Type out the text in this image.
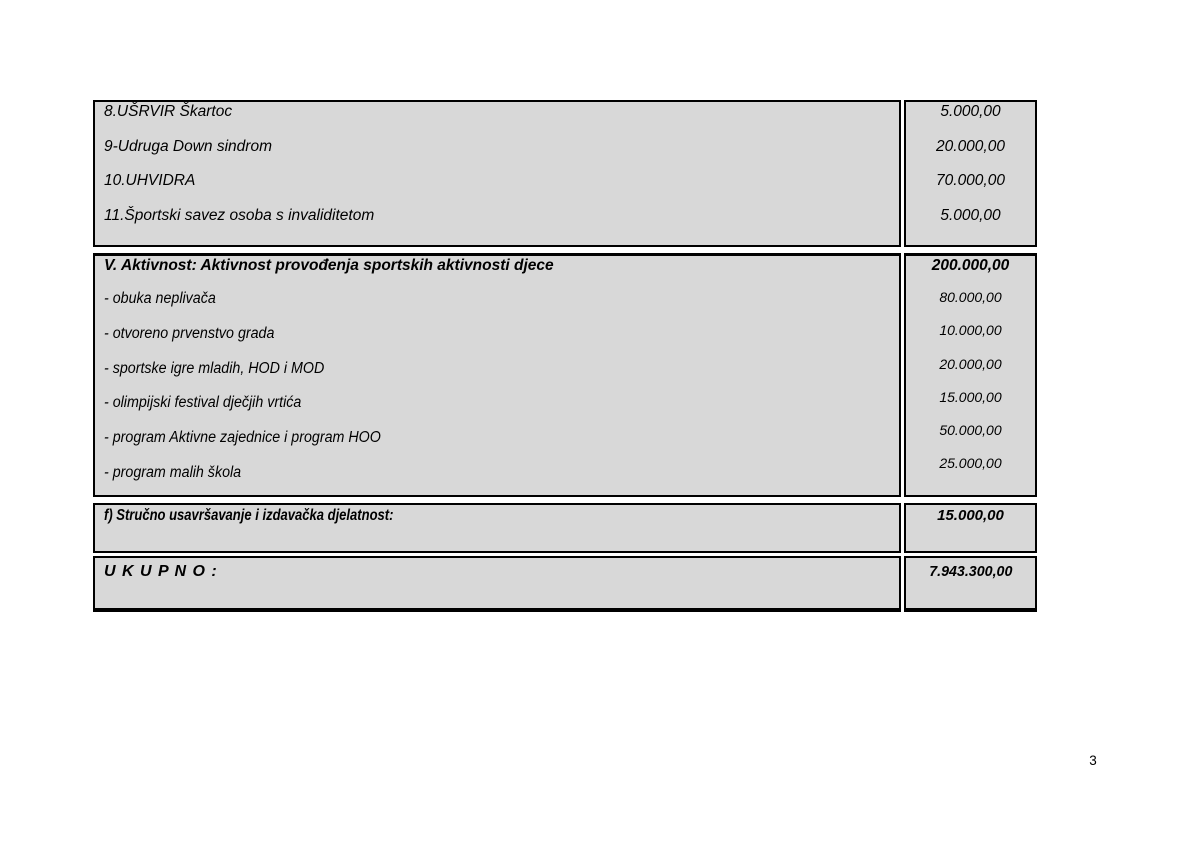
8.UŠRVIR Škartoc

9-Udruga Down sindrom

10.UHVIDRA

11.Športski savez osoba s invaliditetom

5.000,00

20.000,00

70.000,00

5.000,00

V. Aktivnost: Aktivnost provođenja sportskih aktivnosti djece

- obuka neplivača

- otvoreno prvenstvo grada

- sportske igre mladih, HOD i MOD

- olimpijski festival dječjih vrtića

- program Aktivne zajednice i program HOO

- program malih škola

200.000,00

80.000,00

10.000,00

20.000,00

15.000,00

50.000,00

25.000,00

f) Stručno usavršavanje i izdavačka djelatnost:	15.000,00

U K U P N O :	7.943.300,00

3
